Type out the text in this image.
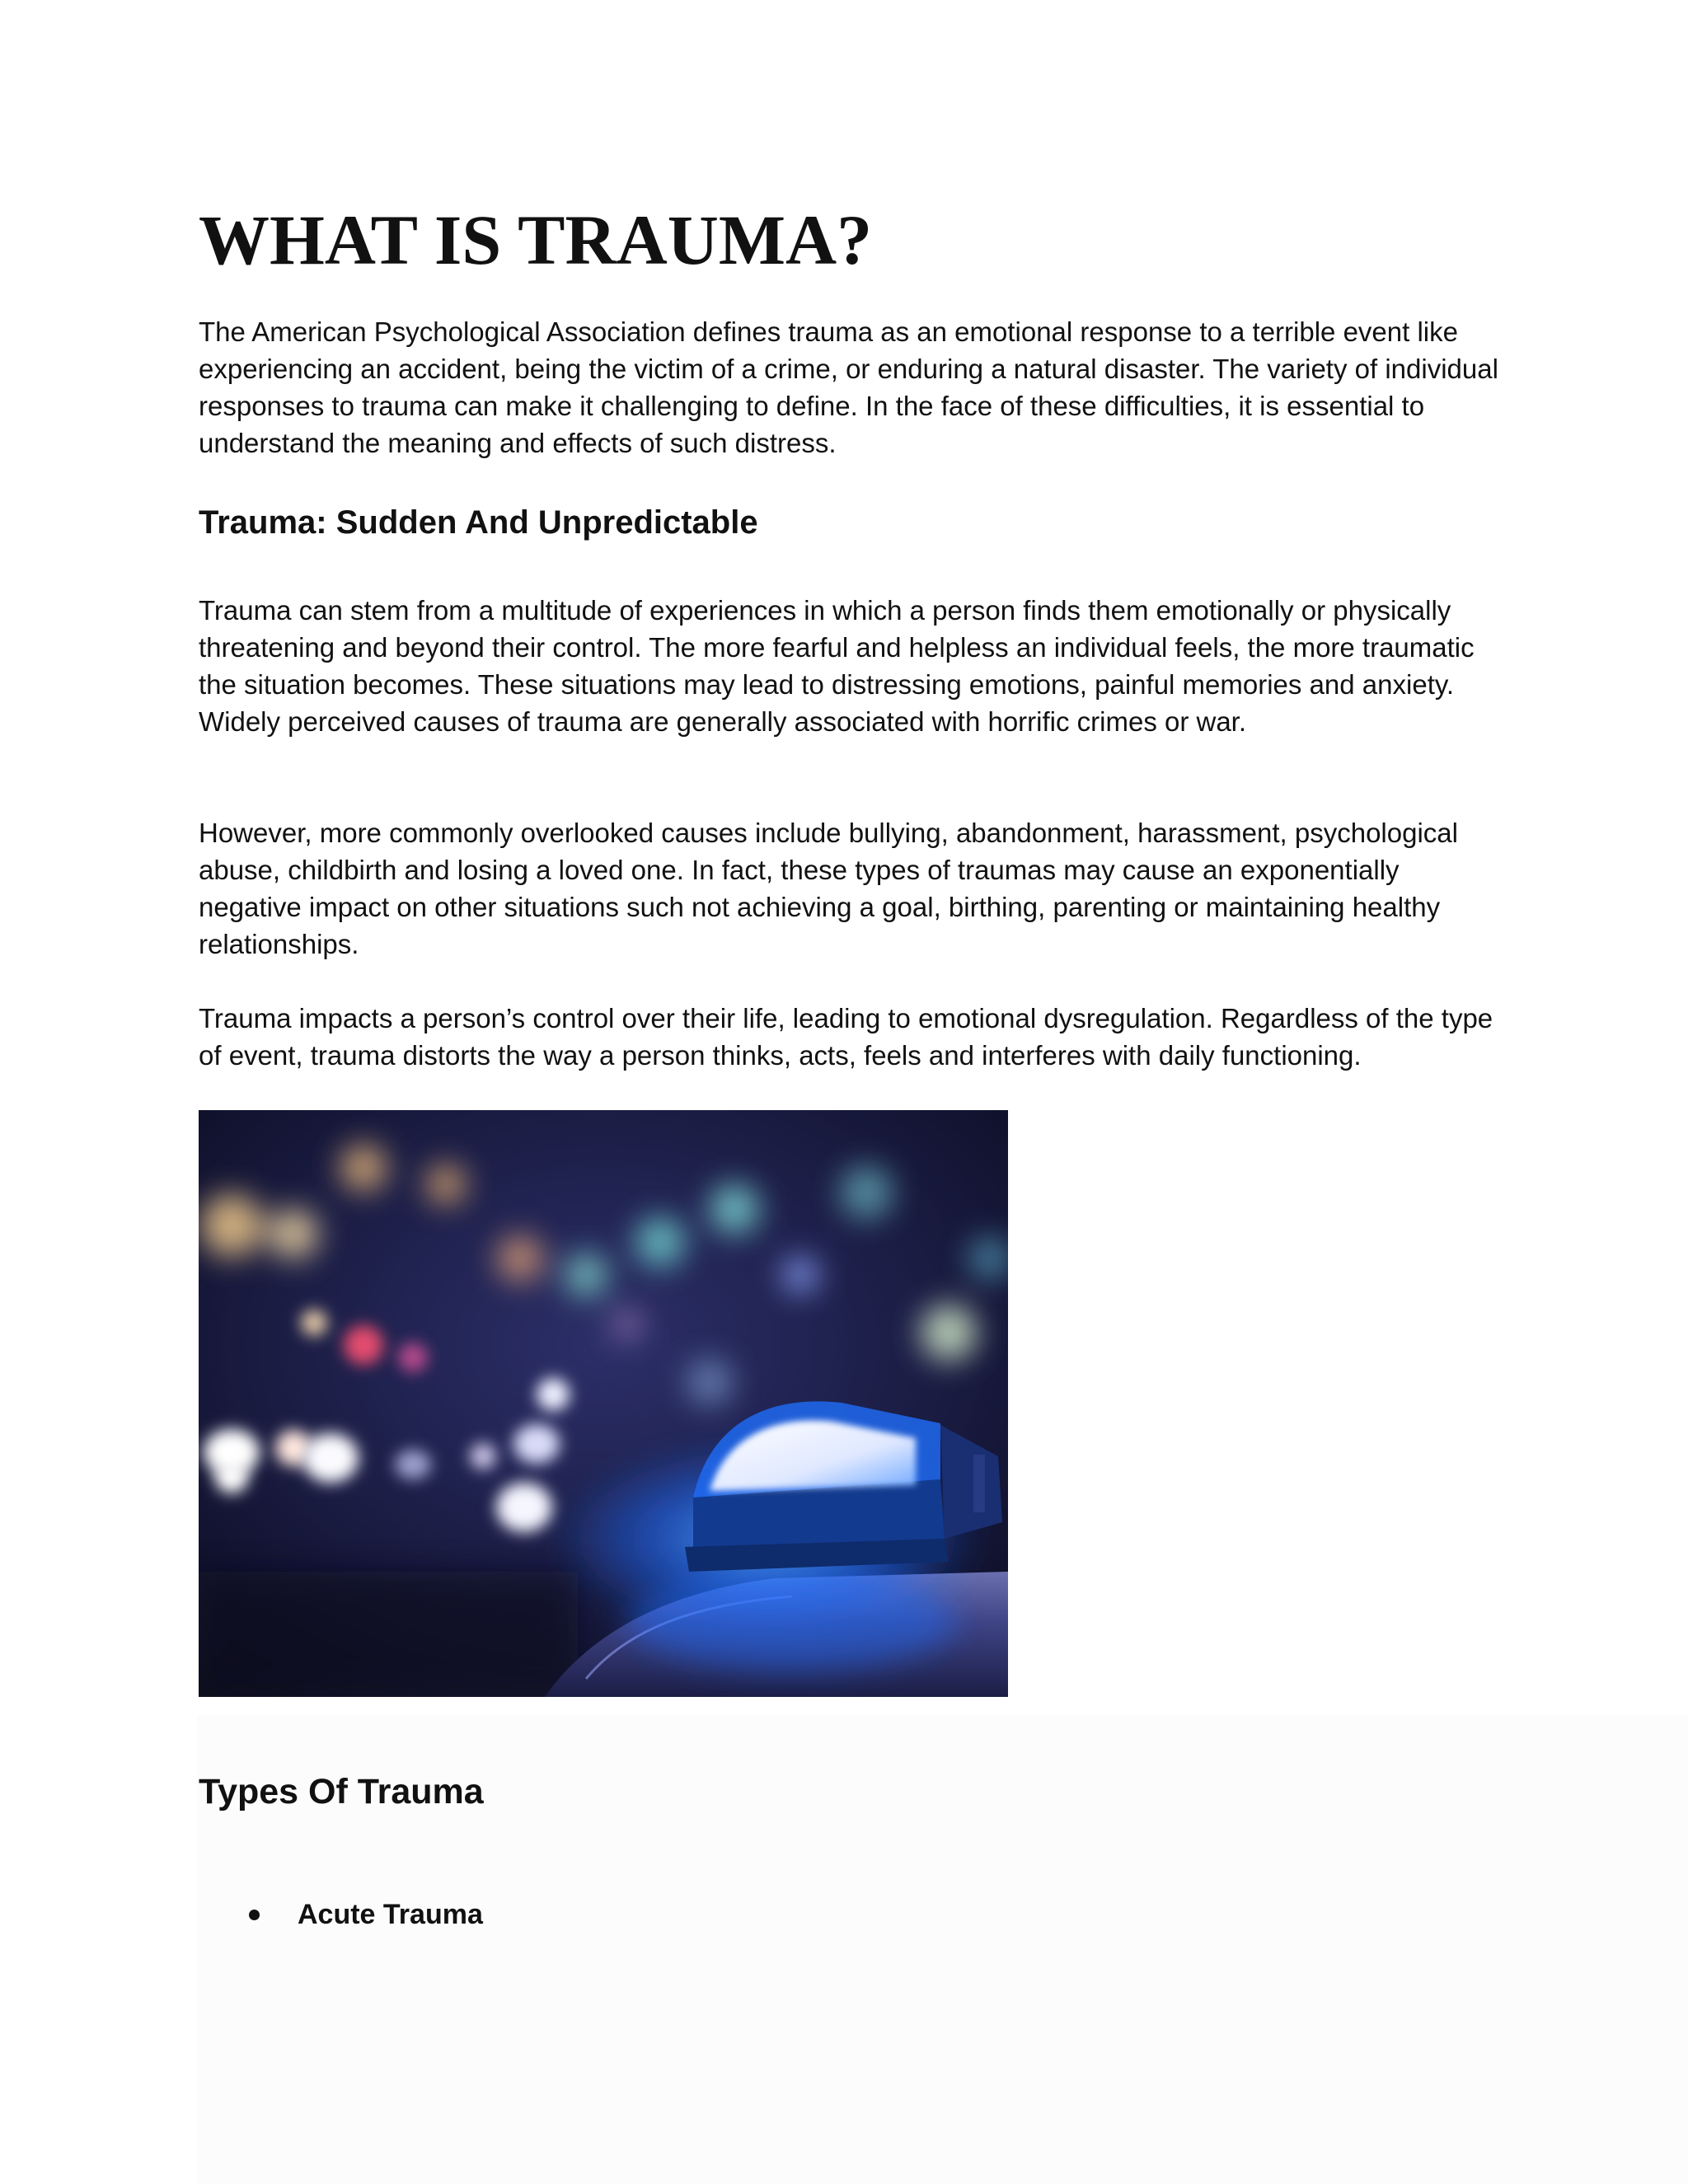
WHAT IS TRAUMA?

The American Psychological Association defines trauma as an emotional response to a terrible event like experiencing an accident, being the victim of a crime, or enduring a natural disaster. The variety of individual responses to trauma can make it challenging to define. In the face of these difficulties, it is essential to understand the meaning and effects of such distress.

Trauma: Sudden And Unpredictable

Trauma can stem from a multitude of experiences in which a person finds them emotionally or physically threatening and beyond their control. The more fearful and helpless an individual feels, the more traumatic the situation becomes. These situations may lead to distressing emotions, painful memories and anxiety. Widely perceived causes of trauma are generally associated with horrific crimes or war.

However, more commonly overlooked causes include bullying, abandonment, harassment, psychological abuse, childbirth and losing a loved one. In fact, these types of traumas may cause an exponentially negative impact on other situations such not achieving a goal, birthing, parenting or maintaining healthy relationships.

Trauma impacts a person’s control over their life, leading to emotional dysregulation. Regardless of the type of event, trauma distorts the way a person thinks, acts, feels and interferes with daily functioning.

Types Of Trauma
Acute Trauma
